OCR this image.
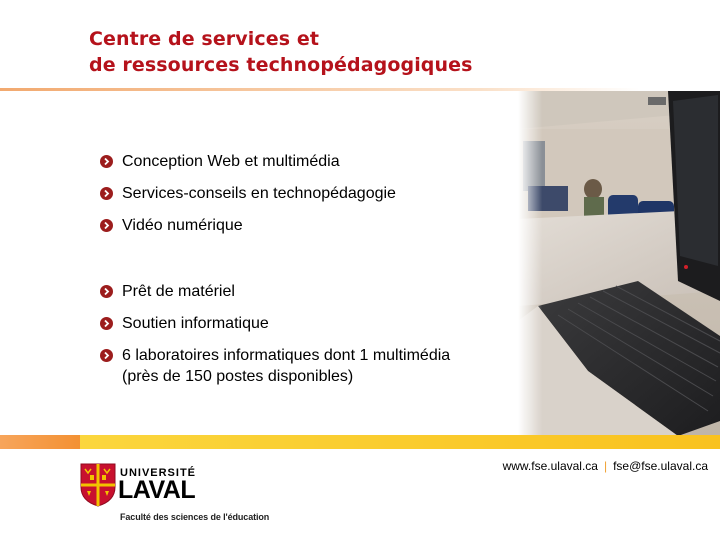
Centre de services et
de ressources technopédagogiques
Conception Web et multimédia
Services-conseils en technopédagogie
Vidéo numérique
Prêt de matériel
Soutien informatique
6 laboratoires informatiques dont 1 multimédia
(près de 150 postes disponibles)
www.fse.ulaval.ca | fse@fse.ulaval.ca
UNIVERSITÉ
LAVAL
Faculté des sciences de l'éducation
